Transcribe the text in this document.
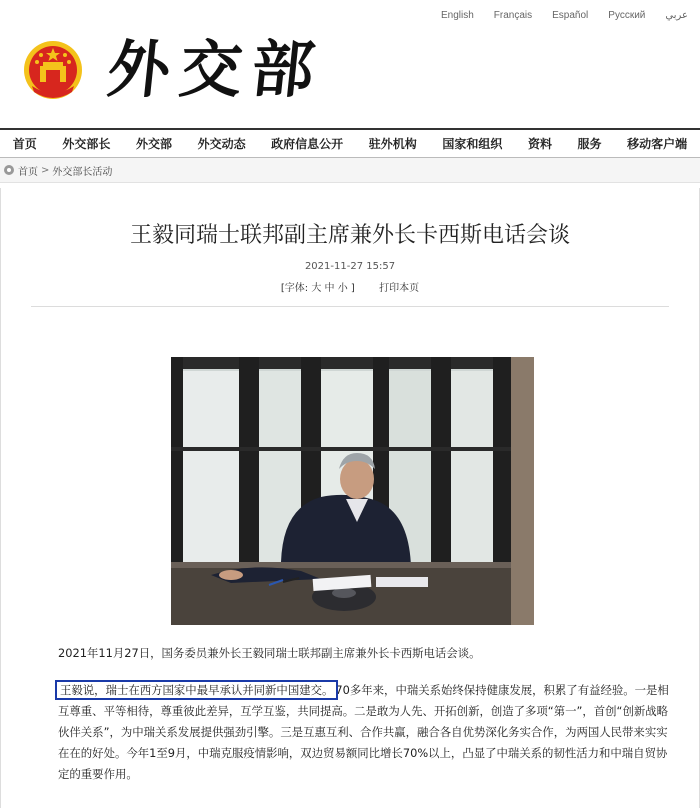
English Français Español Русский عربي
外交部
首页	外交部长	外交部	外交动态	政府信息公开	驻外机构	国家和组织	资料	服务	移动客户端
首页 > 外交部长活动
王毅同瑞士联邦副主席兼外长卡西斯电话会谈
2021-11-27 15:57
[字体: 大 中 小 ] 打印本页
2021年11月27日，国务委员兼外长王毅同瑞士联邦副主席兼外长卡西斯电话会谈。
王毅说，瑞士在西方国家中最早承认并同新中国建交。 70多年来，中瑞关系始终保持健康发展，积累了有益经验。一是相互尊重、平等相待，尊重彼此差异，互学互鉴，共同提高。二是敢为人先、开拓创新，创造了多项“第一”，首创“创新战略伙伴关系”，为中瑞关系发展提供强劲引擎。三是互惠互利、合作共赢，融合各自优势深化务实合作，为两国人民带来实实在在的好处。今年1至9月，中瑞克服疫情影响，双边贸易额同比增长70%以上，凸显了中瑞关系的韧性活力和中瑞自贸协定的重要作用。
